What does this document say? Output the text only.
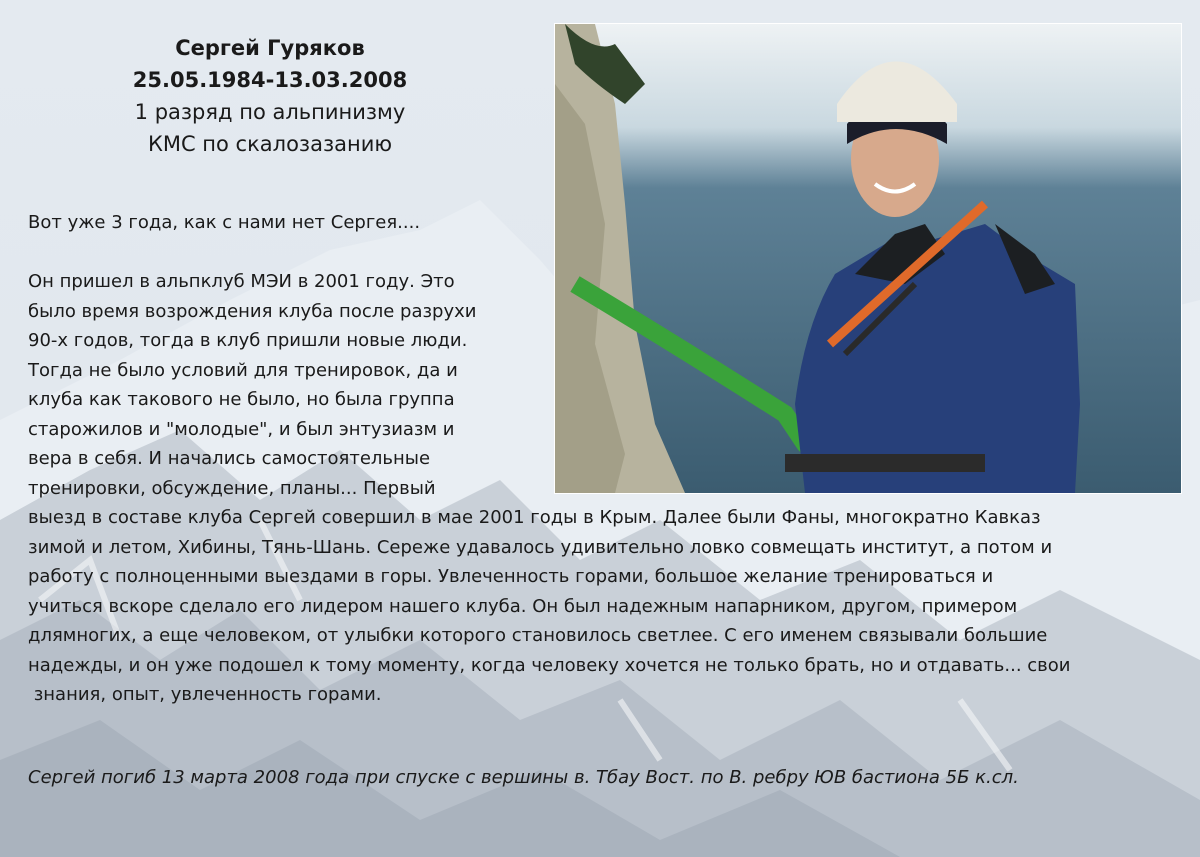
Сергей Гуряков
25.05.1984-13.03.2008
1 разряд по альпинизму
КМС по скалозазанию
Вот уже 3 года, как с нами нет Сергея....
Он пришел в альпклуб МЭИ в 2001 году. Это
было время возрождения клуба после разрухи
90-х годов, тогда в клуб пришли новые люди.
Тогда не было условий для тренировок, да и
клуба как такового не было, но была группа
старожилов и "молодые", и был энтузиазм и
вера в себя. И начались самостоятельные
тренировки, обсуждение, планы... Первый
выезд в составе клуба Сергей совершил в мае 2001 годы в Крым. Далее были Фаны, многократно Кавказ
зимой и летом, Хибины, Тянь-Шань. Сереже удавалось удивительно ловко совмещать институт, а потом и
работу с полноценными выездами в горы. Увлеченность горами, большое желание тренироваться и
учиться вскоре сделало его лидером нашего клуба. Он был надежным напарником, другом, примером
длямногих, а еще человеком, от улыбки которого становилось светлее. С его именем связывали большие
надежды, и он уже подошел к тому моменту, когда человеку хочется не только брать, но и отдавать... свои
знания, опыт, увлеченность горами.
Сергей погиб 13 марта 2008 года при спуске с вершины в. Тбау Вост. по В. ребру ЮВ бастиона 5Б к.сл.
